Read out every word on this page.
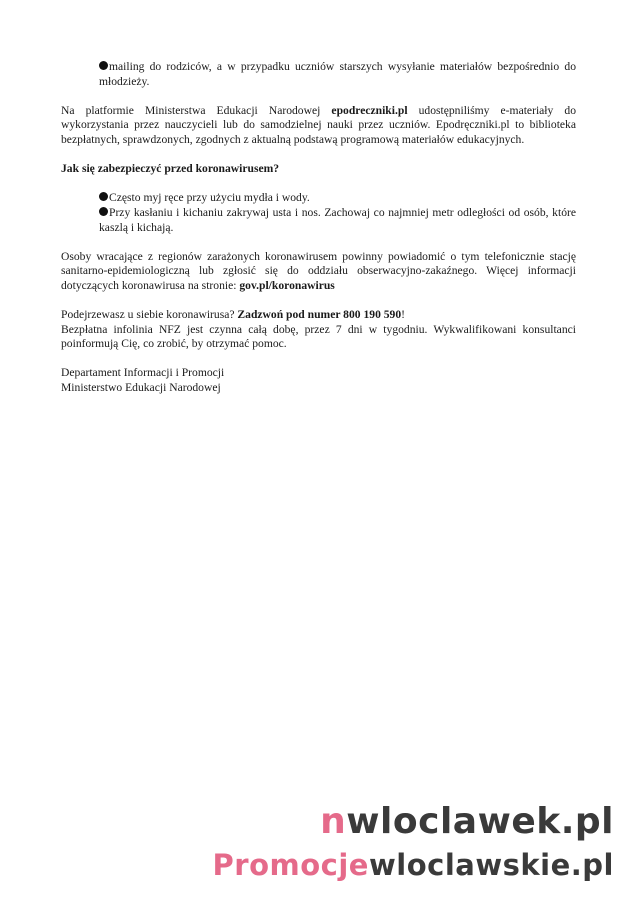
mailing do rodziców, a w przypadku uczniów starszych wysyłanie materiałów bezpośrednio do młodzieży.

Na platformie Ministerstwa Edukacji Narodowej epodreczniki.pl udostępniliśmy e-materiały do wykorzystania przez nauczycieli lub do samodzielnej nauki przez uczniów. Epodręczniki.pl to biblioteka bezpłatnych, sprawdzonych, zgodnych z aktualną podstawą programową materiałów edukacyjnych.

Jak się zabezpieczyć przed koronawirusem?

Często myj ręce przy użyciu mydła i wody.
Przy kasłaniu i kichaniu zakrywaj usta i nos. Zachowaj co najmniej metr odległości od osób, które kaszlą i kichają.

Osoby wracające z regionów zarażonych koronawirusem powinny powiadomić o tym telefonicznie stację sanitarno-epidemiologiczną lub zgłosić się do oddziału obserwacyjno-zakaźnego. Więcej informacji dotyczących koronawirusa na stronie: gov.pl/koronawirus

Podejrzewasz u siebie koronawirusa? Zadzwoń pod numer 800 190 590!

Bezpłatna infolinia NFZ jest czynna całą dobę, przez 7 dni w tygodniu. Wykwalifikowani konsultanci poinformują Cię, co zrobić, by otrzymać pomoc.

Departament Informacji i Promocji

Ministerstwo Edukacji Narodowej

nwloclawek.pl
Promocjewloclawskie.pl
